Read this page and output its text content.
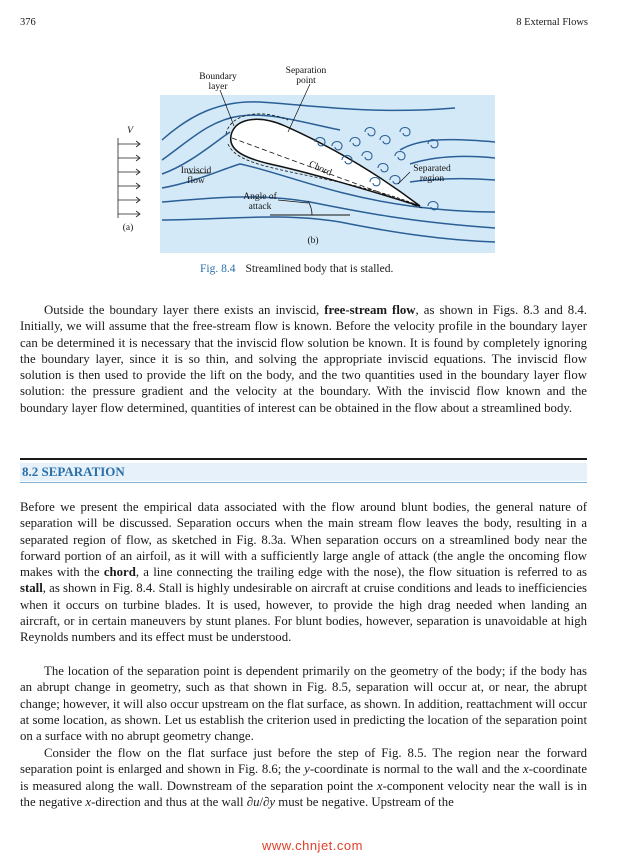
376	8 External Flows
Boundary layer
Separation point
V
Inviscid flow
Chord	Separated region
Angle of attack
(a)
(b)
Fig. 8.4 Streamlined body that is stalled.

Outside the boundary layer there exists an inviscid, free-stream flow, as shown in Figs. 8.3 and 8.4. Initially, we will assume that the free-stream flow is known. Before the velocity profile in the boundary layer can be determined it is necessary that the inviscid flow solution be known. It is found by completely ignoring the boundary layer, since it is so thin, and solving the appropriate inviscid equations. The inviscid flow solution is then used to provide the lift on the body, and the two quantities used in the boundary layer flow solution: the pressure gradient and the velocity at the boundary. With the inviscid flow known and the boundary layer flow determined, quantities of interest can be obtained in the flow about a streamlined body.

8.2 SEPARATION

Before we present the empirical data associated with the flow around blunt bodies, the general nature of separation will be discussed. Separation occurs when the main stream flow leaves the body, resulting in a separated region of flow, as sketched in Fig. 8.3a. When separation occurs on a streamlined body near the forward portion of an airfoil, as it will with a sufficiently large angle of attack (the angle the oncoming flow makes with the chord, a line connecting the trailing edge with the nose), the flow situation is referred to as stall, as shown in Fig. 8.4. Stall is highly undesirable on aircraft at cruise conditions and leads to inefficiencies when it occurs on turbine blades. It is used, however, to provide the high drag needed when landing an aircraft, or in certain maneuvers by stunt planes. For blunt bodies, however, separation is unavoidable at high Reynolds numbers and its effect must be understood.

The location of the separation point is dependent primarily on the geometry of the body; if the body has an abrupt change in geometry, such as that shown in Fig. 8.5, separation will occur at, or near, the abrupt change; however, it will also occur upstream on the flat surface, as shown. In addition, reattachment will occur at some location, as shown. Let us establish the criterion used in predicting the location of the separation point on a surface with no abrupt geometry change.

Consider the flow on the flat surface just before the step of Fig. 8.5. The region near the forward separation point is enlarged and shown in Fig. 8.6; the y-coordinate is normal to the wall and the x-coordinate is measured along the wall. Downstream of the separation point the x-component velocity near the wall is in the negative x-direction and thus at the wall ∂u/∂y must be negative. Upstream of the

www.chnjet.com
